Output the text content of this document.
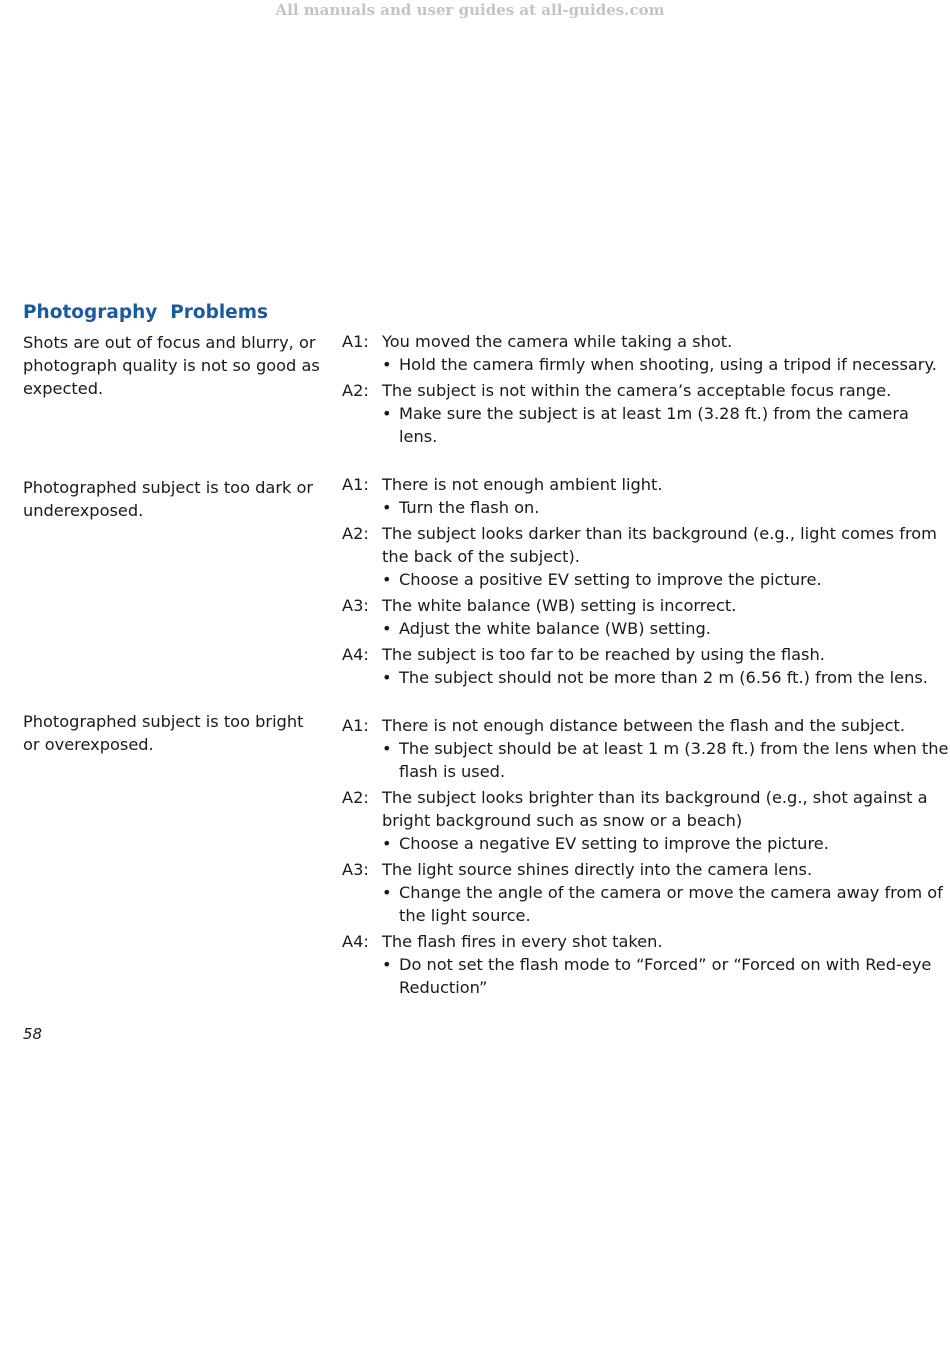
All manuals and user guides at all-guides.com
Photography  Problems
Shots are out of focus and blurry, or photograph quality is not so good as expected.
A1: You moved the camera while taking a shot.
• Hold the camera firmly when shooting, using a tripod if necessary.
A2: The subject is not within the camera’s acceptable focus range.
• Make sure the subject is at least 1m (3.28 ft.) from the camera lens.
Photographed subject is too dark or underexposed.
A1: There is not enough ambient light.
• Turn the flash on.
A2: The subject looks darker than its background (e.g., light comes from the back of the subject).
• Choose a positive EV setting to improve the picture.
A3: The white balance (WB) setting is incorrect.
• Adjust the white balance (WB) setting.
A4: The subject is too far to be reached by using the flash.
• The subject should not be more than 2 m (6.56 ft.) from the lens.
Photographed subject is too bright or overexposed.
A1: There is not enough distance between the flash and the subject.
• The subject should be at least 1 m (3.28 ft.) from the lens when the flash is used.
A2: The subject looks brighter than its background (e.g., shot against a bright background such as snow or a beach)
• Choose a negative EV setting to improve the picture.
A3: The light source shines directly into the camera lens.
• Change the angle of the camera or move the camera away from of the light source.
A4: The flash fires in every shot taken.
• Do not set the flash mode to “Forced” or “Forced on with Red-eye Reduction”
58
